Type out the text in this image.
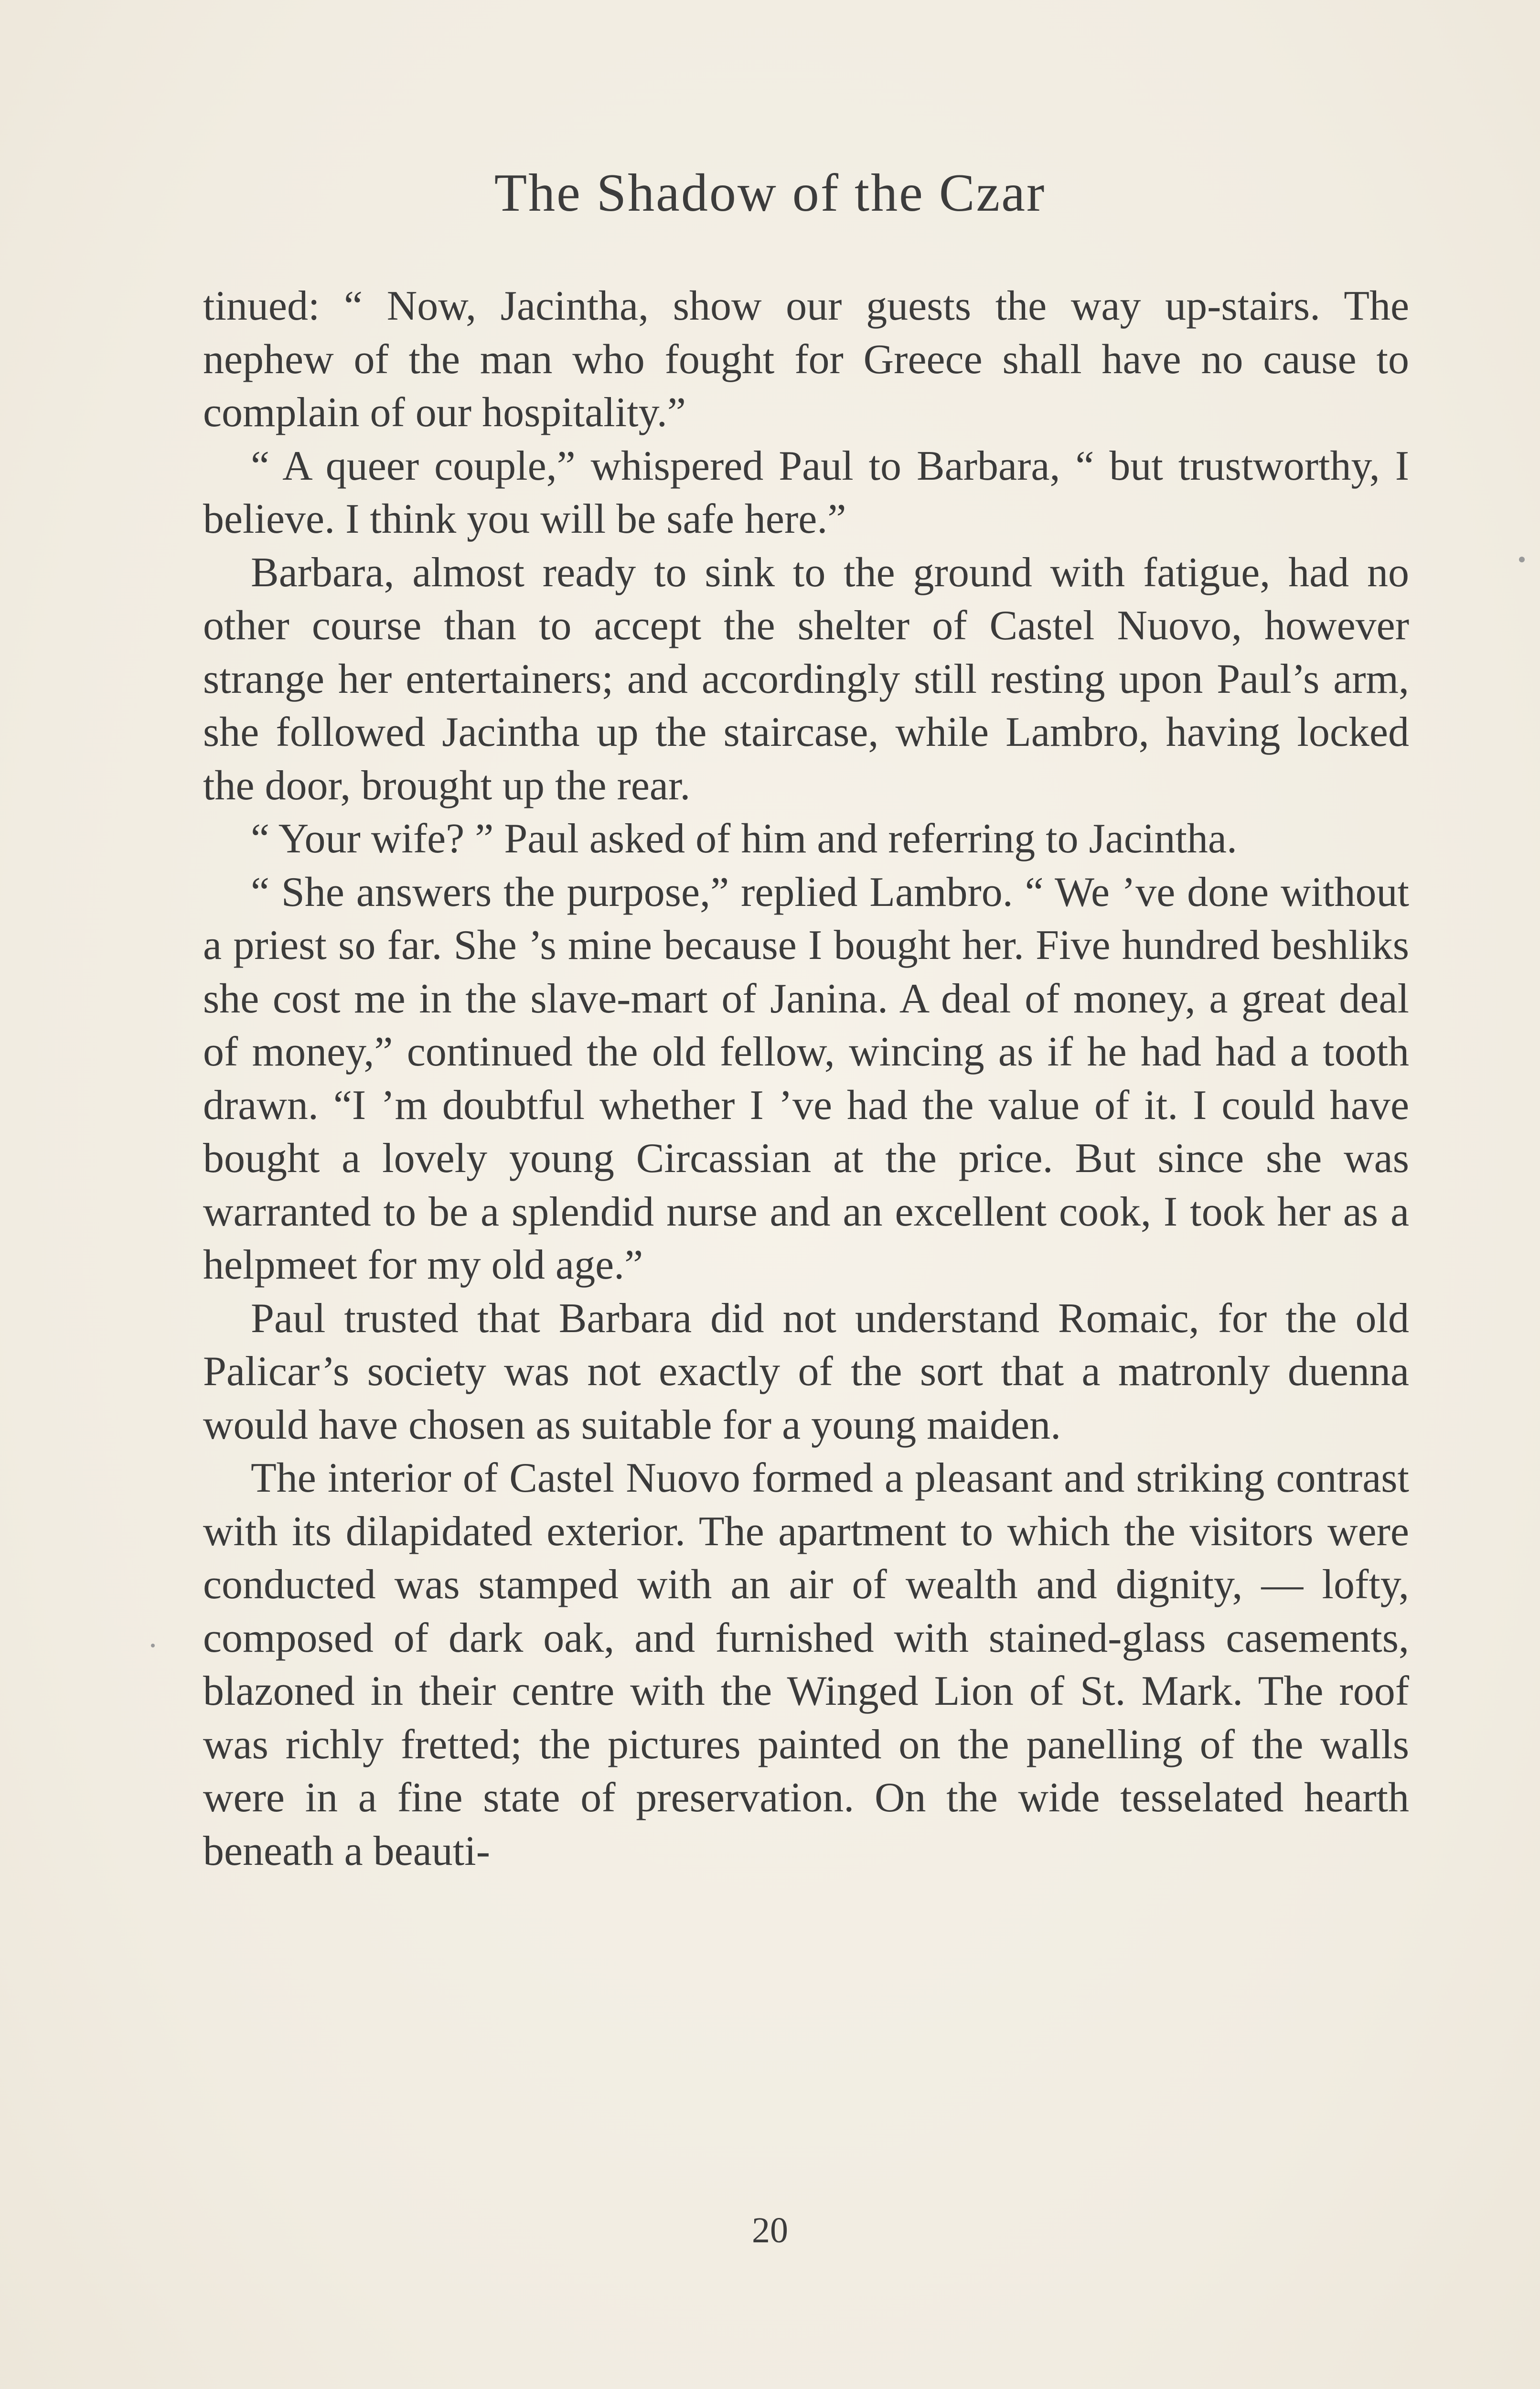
The Shadow of the Czar

tinued: “ Now, Jacintha, show our guests the way up-stairs. The nephew of the man who fought for Greece shall have no cause to complain of our hospitality.”

“ A queer couple,” whispered Paul to Barbara, “ but trustworthy, I believe. I think you will be safe here.”

Barbara, almost ready to sink to the ground with fatigue, had no other course than to accept the shelter of Castel Nuovo, however strange her entertainers; and accordingly still resting upon Paul’s arm, she followed Jacintha up the staircase, while Lambro, having locked the door, brought up the rear.

“ Your wife? ” Paul asked of him and referring to Jacintha.

“ She answers the purpose,” replied Lambro. “ We ’ve done without a priest so far. She ’s mine because I bought her. Five hundred beshliks she cost me in the slave-mart of Janina. A deal of money, a great deal of money,” continued the old fellow, wincing as if he had had a tooth drawn. “I ’m doubtful whether I ’ve had the value of it. I could have bought a lovely young Circassian at the price. But since she was warranted to be a splendid nurse and an excellent cook, I took her as a helpmeet for my old age.”

Paul trusted that Barbara did not understand Romaic, for the old Palicar’s society was not exactly of the sort that a matronly duenna would have chosen as suitable for a young maiden.

The interior of Castel Nuovo formed a pleasant and striking contrast with its dilapidated exterior. The apartment to which the visitors were conducted was stamped with an air of wealth and dignity, — lofty, composed of dark oak, and furnished with stained-glass casements, blazoned in their centre with the Winged Lion of St. Mark. The roof was richly fretted; the pictures painted on the panelling of the walls were in a fine state of preservation. On the wide tesselated hearth beneath a beauti-

20
